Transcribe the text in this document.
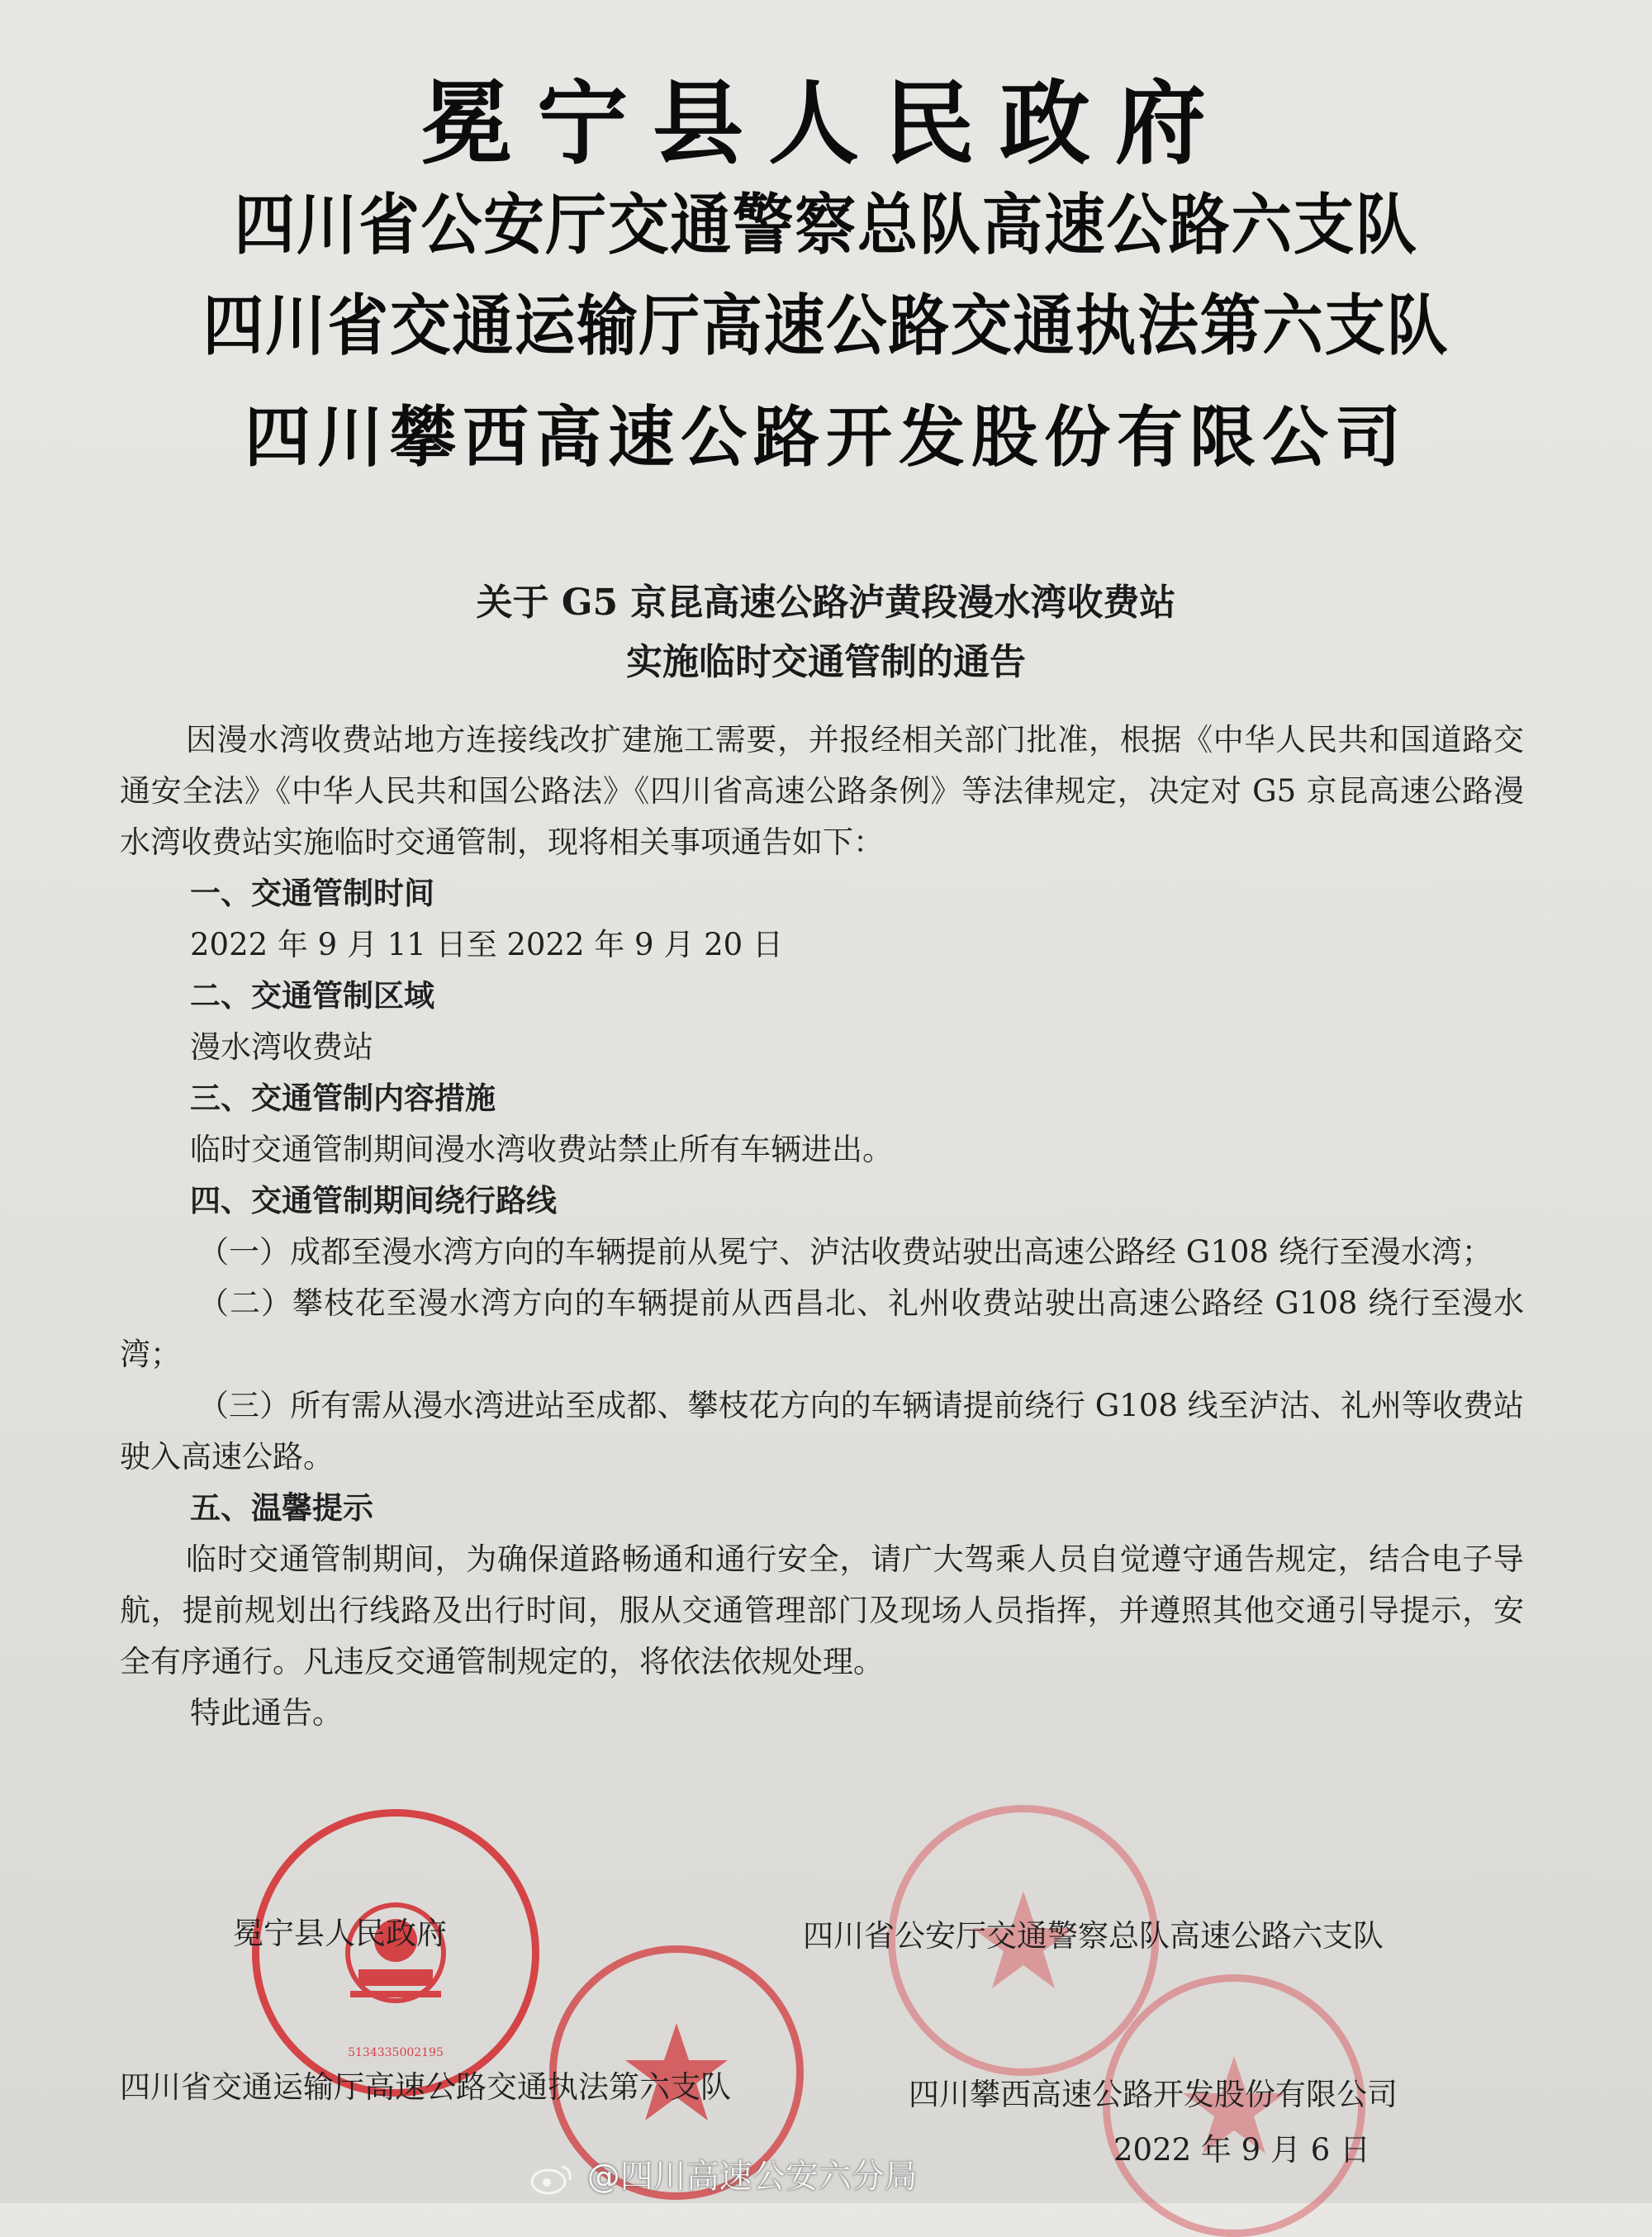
冕宁县人民政府
四川省公安厅交通警察总队高速公路六支队
四川省交通运输厅高速公路交通执法第六支队
四川攀西高速公路开发股份有限公司
关于 G5 京昆高速公路泸黄段漫水湾收费站
实施临时交通管制的通告

因漫水湾收费站地方连接线改扩建施工需要，并报经相关部门批准，根据《中华人民共和国道路交通安全法》《中华人民共和国公路法》《四川省高速公路条例》等法律规定，决定对 G5 京昆高速公路漫水湾收费站实施临时交通管制，现将相关事项通告如下：

一、交通管制时间

2022 年 9 月 11 日至 2022 年 9 月 20 日

二、交通管制区域

漫水湾收费站

三、交通管制内容措施

临时交通管制期间漫水湾收费站禁止所有车辆进出。

四、交通管制期间绕行路线

（一）成都至漫水湾方向的车辆提前从冕宁、泸沽收费站驶出高速公路经 G108 绕行至漫水湾；

（二）攀枝花至漫水湾方向的车辆提前从西昌北、礼州收费站驶出高速公路经 G108 绕行至漫水湾；

（三）所有需从漫水湾进站至成都、攀枝花方向的车辆请提前绕行 G108 线至泸沽、礼州等收费站驶入高速公路。

五、温馨提示

临时交通管制期间，为确保道路畅通和通行安全，请广大驾乘人员自觉遵守通告规定，结合电子导航，提前规划出行线路及出行时间，服从交通管理部门及现场人员指挥，并遵照其他交通引导提示，安全有序通行。凡违反交通管制规定的，将依法依规处理。

特此通告。

5134335002195
冕宁县人民政府	四川省公安厅交通警察总队高速公路六支队
四川省交通运输厅高速公路交通执法第六支队	四川攀西高速公路开发股份有限公司
2022 年 9 月 6 日
@四川高速公安六分局
